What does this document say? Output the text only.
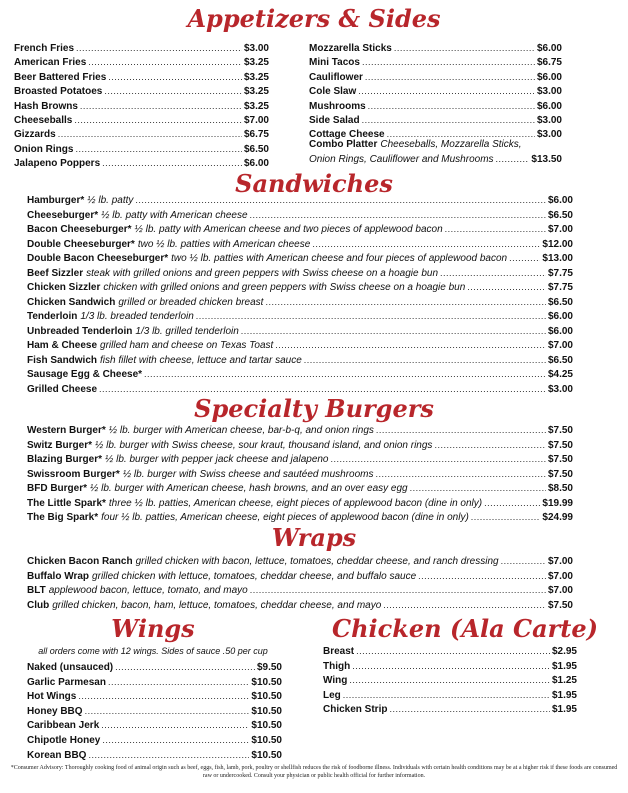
Appetizers & Sides
French Fries . . .	$3.00
American Fries . . .	$3.25
Beer Battered Fries . . .	$3.25
Broasted Potatoes . . .	$3.25
Hash Browns . . .	$3.25
Cheeseballs . . .	$7.00
Gizzards . . .	$6.75
Onion Rings . . .	$6.50
Jalapeno Poppers . . .	$6.00
Mozzarella Sticks . . .	$6.00
Mini Tacos . . .	$6.75
Cauliflower . . .	$6.00
Cole Slaw . . .	$3.00
Mushrooms . . .	$6.00
Side Salad . . .	$3.00
Cottage Cheese . . .	$3.00
Combo Platter Cheeseballs, Mozzarella Sticks,
Onion Rings, Cauliflower and Mushrooms . . .	$13.50
Sandwiches
Hamburger* ½ lb. patty . . .	$6.00
Cheeseburger* ½ lb. patty with American cheese . . .	$6.50
Bacon Cheeseburger* ½ lb. patty with American cheese and two pieces of applewood bacon . . .	$7.00
Double Cheeseburger* two ½ lb. patties with American cheese . . .	$12.00
Double Bacon Cheeseburger* two ½ lb. patties with American cheese and four pieces of applewood bacon . . .	$13.00
Beef Sizzler steak with grilled onions and green peppers with Swiss cheese on a hoagie bun . . .	$7.75
Chicken Sizzler chicken with grilled onions and green peppers with Swiss cheese on a hoagie bun . . .	$7.75
Chicken Sandwich grilled or breaded chicken breast . . .	$6.50
Tenderloin 1/3 lb. breaded tenderloin . . .	$6.00
Unbreaded Tenderloin 1/3 lb. grilled tenderloin . . .	$6.00
Ham & Cheese grilled ham and cheese on Texas Toast . . .	$7.00
Fish Sandwich fish fillet with cheese, lettuce and tartar sauce . . .	$6.50
Sausage Egg & Cheese* . . .	$4.25
Grilled Cheese . . .	$3.00
Specialty Burgers
Western Burger* ½ lb. burger with American cheese, bar-b-q, and onion rings . . .	$7.50
Switz Burger* ½ lb. burger with Swiss cheese, sour kraut, thousand island, and onion rings . . .	$7.50
Blazing Burger* ½ lb. burger with pepper jack cheese and jalapeno . . .	$7.50
Swissroom Burger* ½ lb. burger with Swiss cheese and sautéed mushrooms . . .	$7.50
BFD Burger* ½ lb. burger with American cheese, hash browns, and an over easy egg . . .	$8.50
The Little Spark* three ½ lb. patties, American cheese, eight pieces of applewood bacon (dine in only) . . .	$19.99
The Big Spark* four ½ lb. patties, American cheese, eight pieces of applewood bacon (dine in only) . . .	$24.99
Wraps
Chicken Bacon Ranch grilled chicken with bacon, lettuce, tomatoes, cheddar cheese, and ranch dressing . . .	$7.00
Buffalo Wrap grilled chicken with lettuce, tomatoes, cheddar cheese, and buffalo sauce . . .	$7.00
BLT applewood bacon, lettuce, tomato, and mayo . . .	$7.00
Club grilled chicken, bacon, ham, lettuce, tomatoes, cheddar cheese, and mayo . . .	$7.50
Wings
all orders come with 12 wings. Sides of sauce .50 per cup
Naked (unsauced) . . .	$9.50
Garlic Parmesan . . .	$10.50
Hot Wings . . .	$10.50
Honey BBQ . . .	$10.50
Caribbean Jerk . . .	$10.50
Chipotle Honey . . .	$10.50
Korean BBQ . . .	$10.50
Chicken (Ala Carte)
Breast . . .	$2.95
Thigh . . .	$1.95
Wing . . .	$1.25
Leg . . .	$1.95
Chicken Strip . . .	$1.95
*Consumer Advisory: Thoroughly cooking food of animal origin such as beef, eggs, fish, lamb, pork, poultry or shellfish reduces the risk of foodborne illness. Individuals with certain health conditions may be at a higher risk if these foods are consumed raw or undercooked. Consult your physician or public health official for further information.
